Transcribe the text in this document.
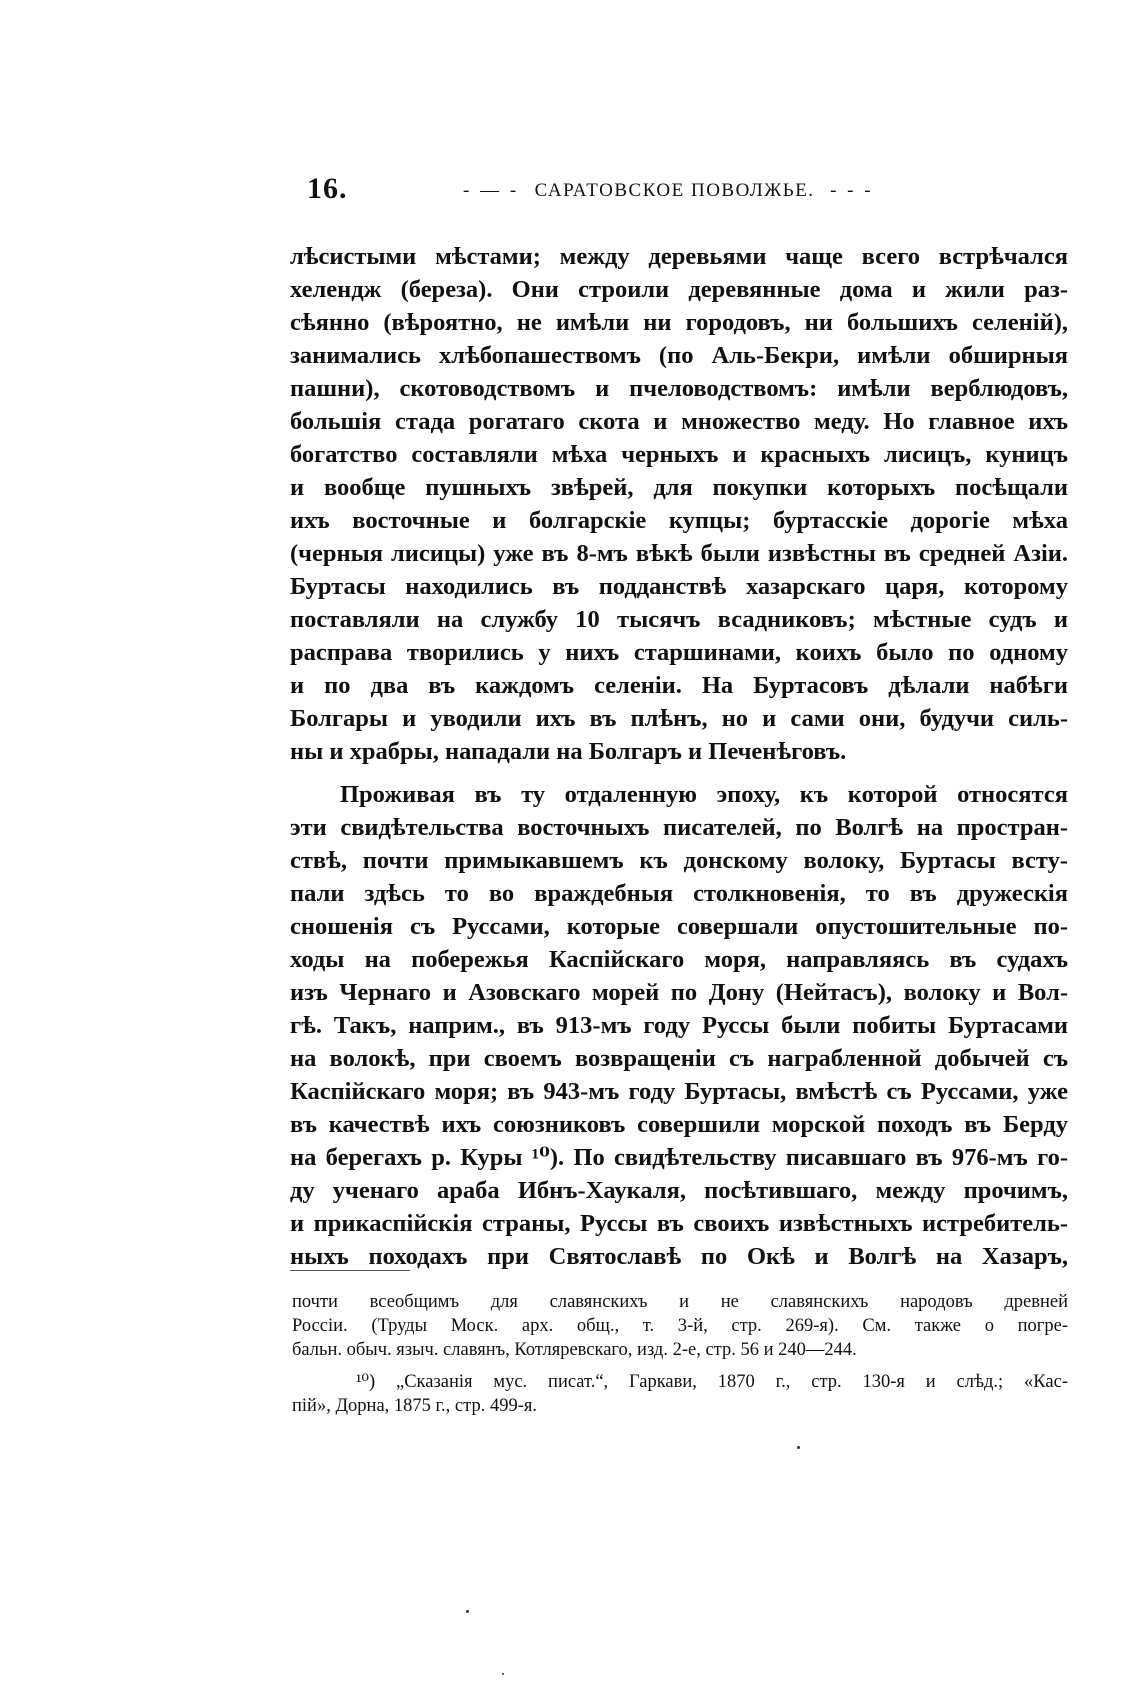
16.	- — -  САРАТОВСКОЕ ПОВОЛЖЬЕ.  - - -
лѣсистыми мѣстами; между деревьями чаще всего встрѣчался
хелендж (береза). Они строили деревянные дома и жили раз-
сѣянно (вѣроятно, не имѣли ни городовъ, ни большихъ селеній),
занимались хлѣбопашествомъ (по Аль-Бекри, имѣли обширныя
пашни), скотоводствомъ и пчеловодствомъ: имѣли верблюдовъ,
большія стада рогатаго скота и множество меду. Но главное ихъ
богатство составляли мѣха черныхъ и красныхъ лисицъ, куницъ
и вообще пушныхъ звѣрей, для покупки которыхъ посѣщали
ихъ восточные и болгарскіе купцы; буртасскіе дорогіе мѣха
(черныя лисицы) уже въ 8-мъ вѣкѣ были извѣстны въ средней Азіи.
Буртасы находились въ подданствѣ хазарскаго царя, которому
поставляли на службу 10 тысячъ всадниковъ; мѣстные судъ и
расправа творились у нихъ старшинами, коихъ было по одному
и по два въ каждомъ селеніи. На Буртасовъ дѣлали набѣги
Болгары и уводили ихъ въ плѣнъ, но и сами они, будучи силь-
ны и храбры, нападали на Болгаръ и Печенѣговъ.
Проживая въ ту отдаленную эпоху, къ которой относятся
эти свидѣтельства восточныхъ писателей, по Волгѣ на простран-
ствѣ, почти примыкавшемъ къ донскому волоку, Буртасы всту-
пали здѣсь то во враждебныя столкновенія, то въ дружескія
сношенія съ Руссами, которые совершали опустошительные по-
ходы на побережья Каспійскаго моря, направляясь въ судахъ
изъ Чернаго и Азовскаго морей по Дону (Нейтасъ), волоку и Вол-
гѣ. Такъ, наприм., въ 913-мъ году Руссы были побиты Буртасами
на волокѣ, при своемъ возвращеніи съ награбленной добычей съ
Каспійскаго моря; въ 943-мъ году Буртасы, вмѣстѣ съ Руссами, уже
въ качествѣ ихъ союзниковъ совершили морской походъ въ Берду
на берегахъ р. Куры ¹⁰). По свидѣтельству писавшаго въ 976-мъ го-
ду ученаго араба Ибнъ-Хаукаля, посѣтившаго, между прочимъ,
и прикаспійскія страны, Руссы въ своихъ извѣстныхъ истребитель-
ныхъ походахъ при Святославѣ по Окѣ и Волгѣ на Хазаръ,
почти всеобщимъ для славянскихъ и не славянскихъ народовъ древней
Россіи. (Труды Моск. арх. общ., т. 3-й, стр. 269-я). См. также о погре-
бальн. обыч. языч. славянъ, Котляревскаго, изд. 2-е, стр. 56 и 240—244.
¹⁰) „Сказанія мус. писат.“, Гаркави, 1870 г., стр. 130-я и слѣд.; «Кас-
пій», Дорна, 1875 г., стр. 499-я.
